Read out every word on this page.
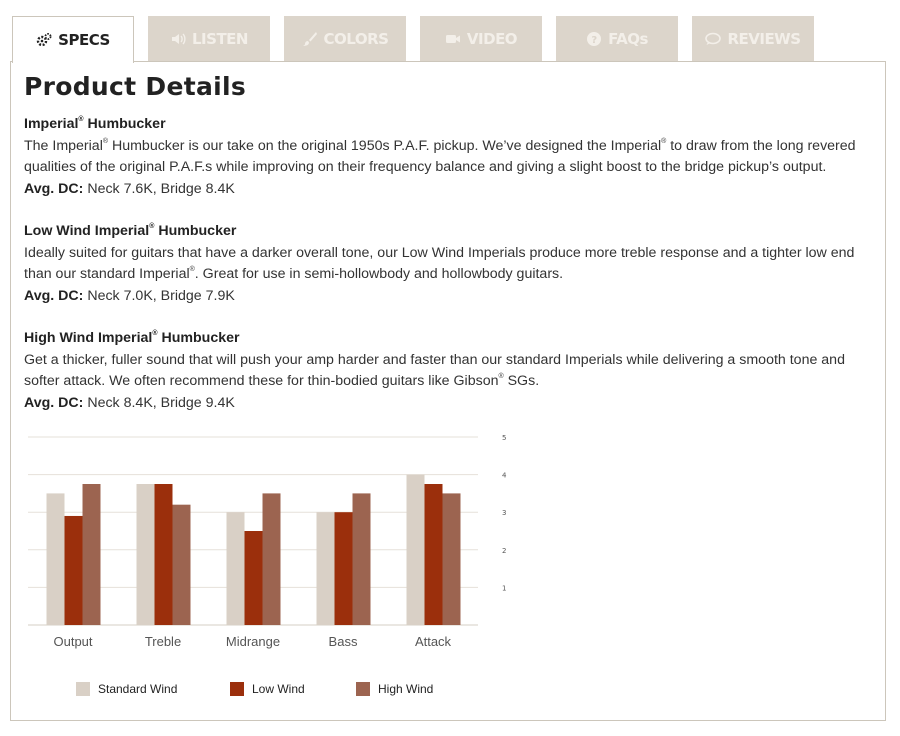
SPECS	LISTEN	COLORS	VIDEO	? FAQs	REVIEWS
Product Details
Imperial® Humbucker
The Imperial® Humbucker is our take on the original 1950s P.A.F. pickup. We’ve designed the Imperial® to draw from the long revered qualities of the original P.A.F.s while improving on their frequency balance and giving a slight boost to the bridge pickup’s output.
Avg. DC: Neck 7.6K, Bridge 8.4K
Low Wind Imperial® Humbucker
Ideally suited for guitars that have a darker overall tone, our Low Wind Imperials produce more treble response and a tighter low end than our standard Imperial®. Great for use in semi-hollowbody and hollowbody guitars.
Avg. DC: Neck 7.0K, Bridge 7.9K
High Wind Imperial® Humbucker
Get a thicker, fuller sound that will push your amp harder and faster than our standard Imperials while delivering a smooth tone and softer attack. We often recommend these for thin-bodied guitars like Gibson® SGs.
Avg. DC: Neck 8.4K, Bridge 9.4K
1
2
3
4
5
Output	Treble	Midrange	Bass	Attack
Standard Wind	Low Wind	High Wind
